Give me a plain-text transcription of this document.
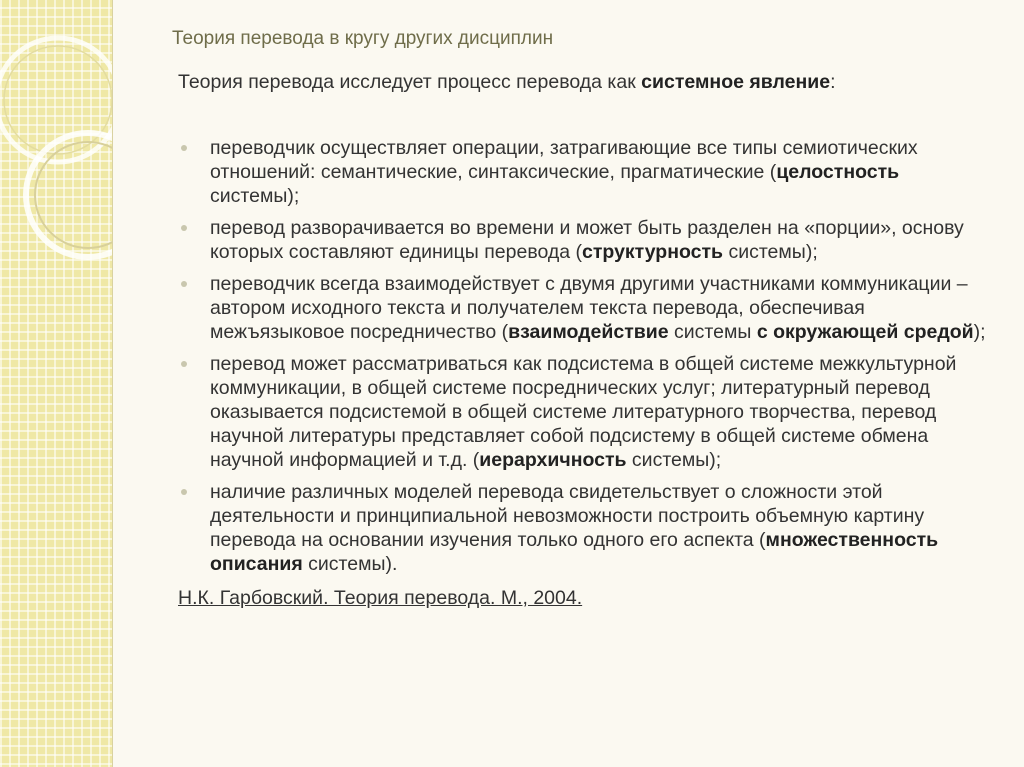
Теория перевода в кругу других дисциплин

Теория перевода исследует процесс перевода как системное явление:

переводчик осуществляет операции, затрагивающие все типы семиотических отношений: семантические, синтаксические, прагматические (целостность системы);
перевод разворачивается во времени и может быть разделен на «порции», основу которых составляют единицы перевода (структурность системы);
переводчик всегда взаимодействует с двумя другими участниками коммуникации – автором исходного текста и получателем текста перевода, обеспечивая межъязыковое посредничество (взаимодействие системы с окружающей средой);
перевод может рассматриваться как подсистема в общей системе межкультурной коммуникации, в общей системе посреднических услуг; литературный перевод оказывается подсистемой в общей системе литературного творчества, перевод научной литературы представляет собой подсистему в общей системе обмена научной информацией и т.д. (иерархичность системы);
наличие различных моделей перевода свидетельствует о сложности этой деятельности и принципиальной невозможности построить объемную картину перевода на основании изучения только одного его аспекта (множественность описания системы).
Н.К. Гарбовский. Теория перевода. М., 2004.
